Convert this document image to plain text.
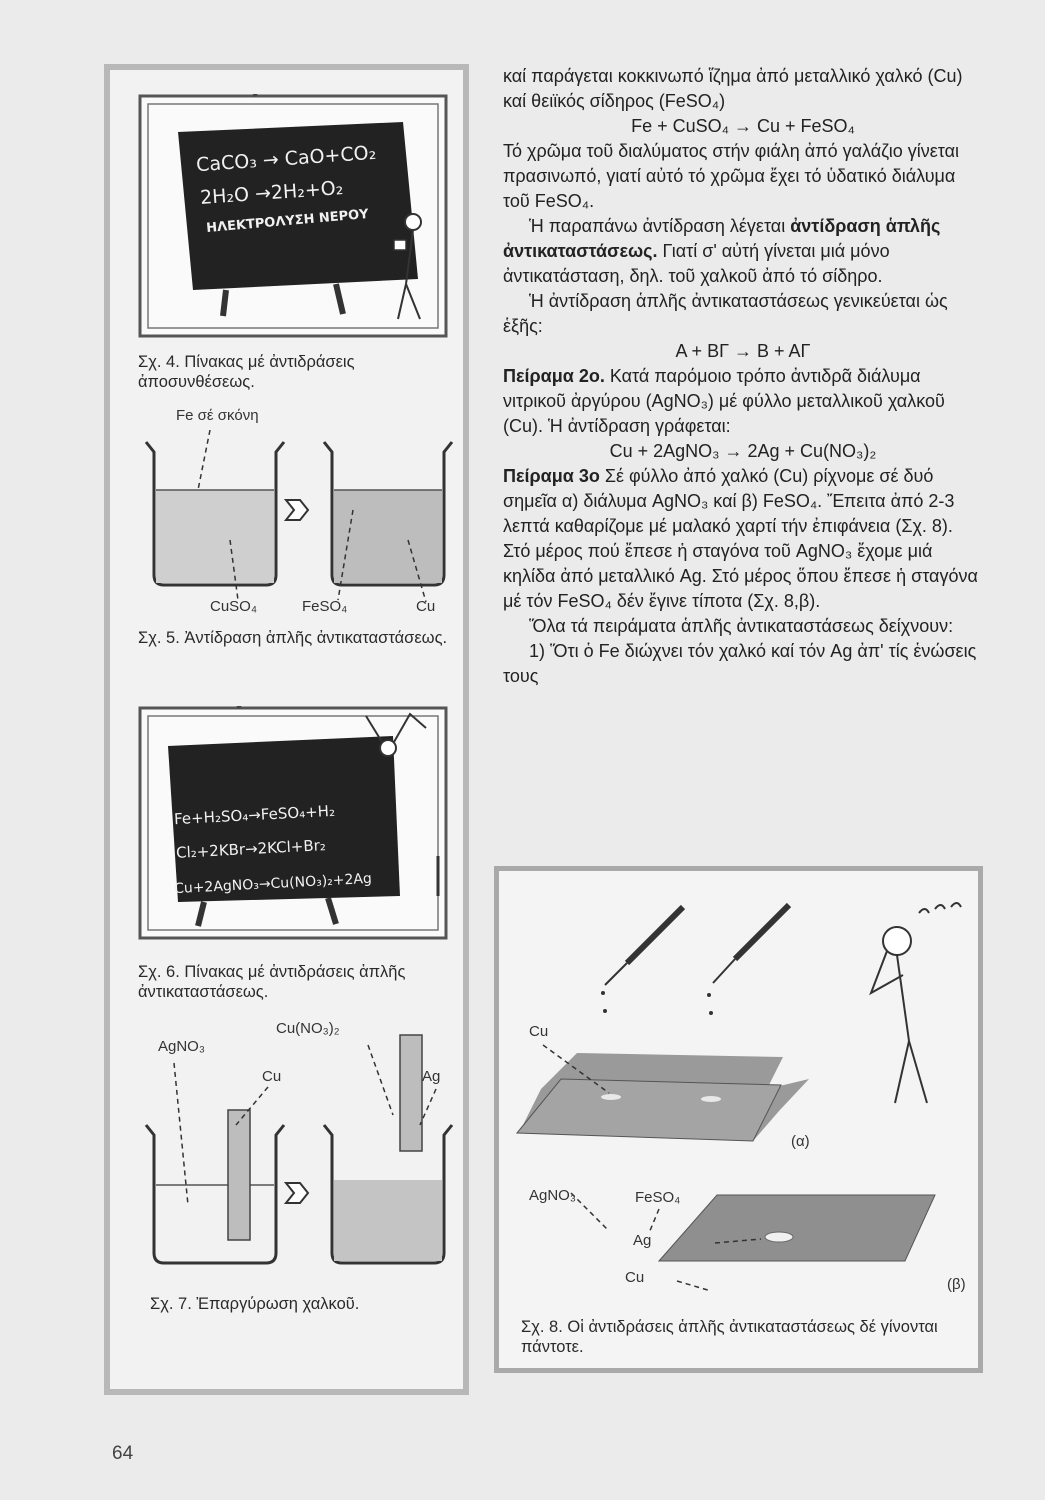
CaCO₃ → CaO+CO₂
2H₂O →2H₂+O₂
ΗΛΕΚΤΡΟΛΥΣΗ ΝΕΡΟΥ
Σχ. 4. Πίνακας μέ ἀντιδράσεις ἀποσυνθέσεως.
Fe σέ σκόνη
CuSO₄	FeSO₄	Cu
Σχ. 5. Ἀντίδραση ἁπλῆς ἀντικαταστάσεως.
Fe+H₂SO₄→FeSO₄+H₂
Cl₂+2KBr→2KCl+Br₂
Cu+2AgNO₃→Cu(NO₃)₂+2Ag
Σχ. 6. Πίνακας μέ ἀντιδράσεις ἁπλῆς ἀντικαταστάσεως.
Cu(NO₃)₂
AgNO₃
Cu	Ag
Σχ. 7. Ἐπαργύρωση χαλκοῦ.

καί παράγεται κοκκινωπό ἵζημα ἀπό μεταλλικό χαλκό (Cu) καί θειϊκός σίδηρος (FeSO₄)

Fe + CuSO₄ → Cu + FeSO₄

Τό χρῶμα τοῦ διαλύματος στήν φιάλη ἀπό γαλάζιο γίνεται πρασινωπό, γιατί αὐτό τό χρῶμα ἔχει τό ὑδατικό διάλυμα τοῦ FeSO₄.

Ἡ παραπάνω ἀντίδραση λέγεται ἀντίδραση ἁπλῆς ἀντικαταστάσεως. Γιατί σ' αὐτή γίνεται μιά μόνο ἀντικατάσταση, δηλ. τοῦ χαλκοῦ ἀπό τό σίδηρο.

Ἡ ἀντίδραση ἁπλῆς ἀντικαταστάσεως γενικεύεται ὡς ἑξῆς:

Α + ΒΓ → Β + ΑΓ

Πείραμα 2ο. Κατά παρόμοιο τρόπο ἀντιδρᾶ διάλυμα νιτρικοῦ ἀργύρου (AgNO₃) μέ φύλλο μεταλλικοῦ χαλκοῦ (Cu). Ἡ ἀντίδραση γράφεται:

Cu + 2AgNO₃ → 2Ag + Cu(NO₃)₂

Πείραμα 3ο Σέ φύλλο ἀπό χαλκό (Cu) ρίχνομε σέ δυό σημεῖα α) διάλυμα AgNO₃ καί β) FeSO₄. Ἔπειτα ἀπό 2-3 λεπτά καθαρίζομε μέ μαλακό χαρτί τήν ἐπιφάνεια (Σχ. 8). Στό μέρος πού ἔπεσε ἡ σταγόνα τοῦ AgNO₃ ἔχομε μιά κηλίδα ἀπό μεταλλικό Ag. Στό μέρος ὅπου ἔπεσε ἡ σταγόνα μέ τόν FeSO₄ δέν ἔγινε τίποτα (Σχ. 8,β).

Ὅλα τά πειράματα ἁπλῆς ἀντικαταστάσεως δείχνουν:

1) Ὅτι ὁ Fe διώχνει τόν χαλκό καί τόν Ag ἀπ' τίς ἑνώσεις τους

Cu
(α)
AgNO₃	FeSO₄
Ag
Cu	(β)
Σχ. 8. Οἱ ἀντιδράσεις ἁπλῆς ἀντικαταστάσεως δέ γίνονται πάντοτε.
64
